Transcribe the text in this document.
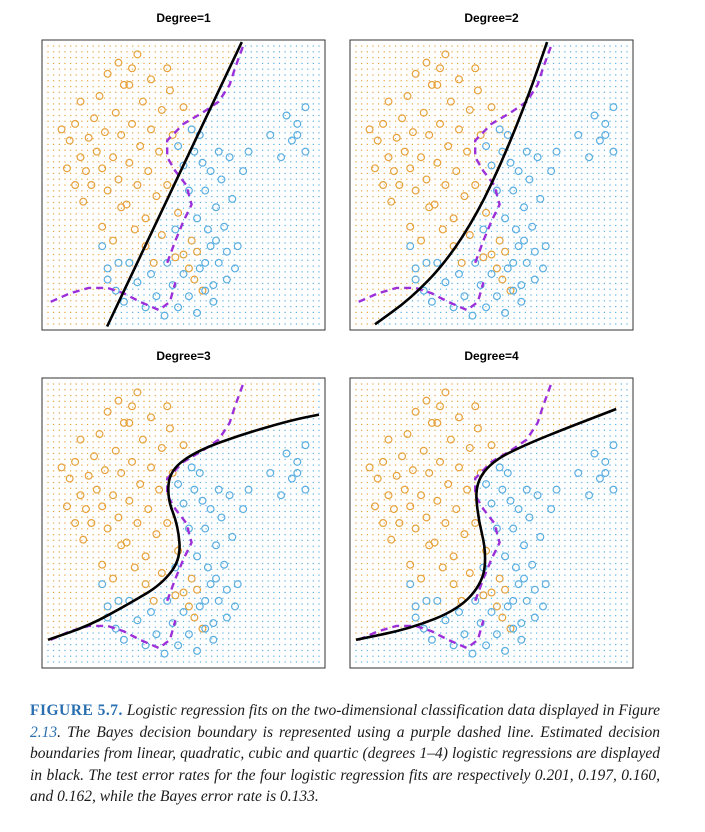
Degree=1	Degree=2
Degree=3	Degree=4
FIGURE 5.7. Logistic regression fits on the two-dimensional classification data displayed in Figure 2.13. The Bayes decision boundary is represented using a purple dashed line. Estimated decision boundaries from linear, quadratic, cubic and quartic (degrees 1–4) logistic regressions are displayed in black. The test error rates for the four logistic regression fits are respectively 0.201, 0.197, 0.160, and 0.162, while the Bayes error rate is 0.133.
